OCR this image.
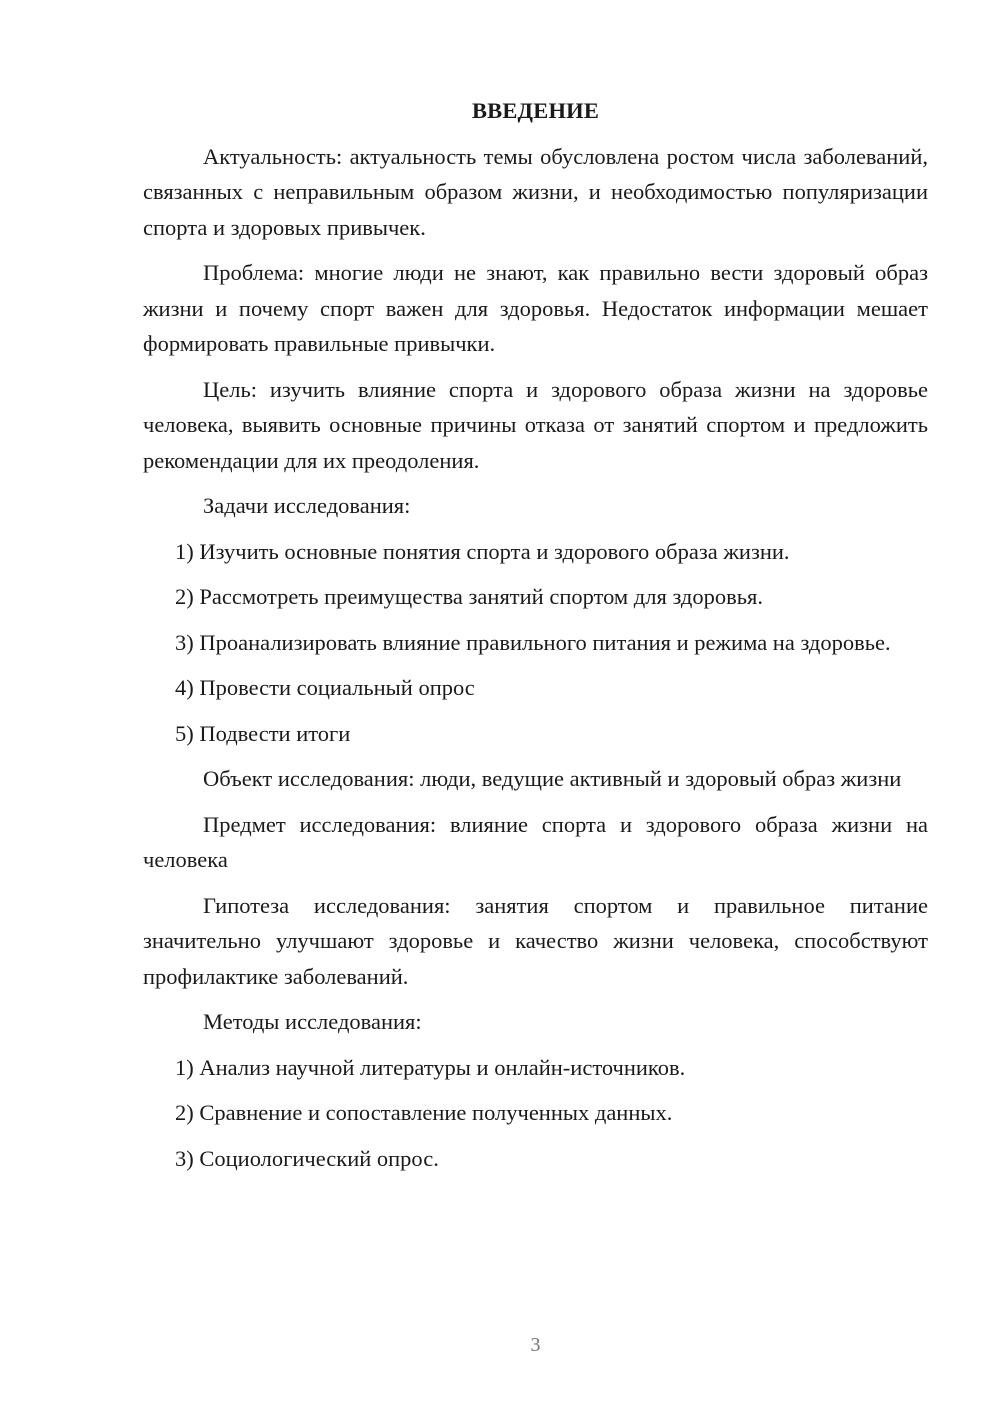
ВВЕДЕНИЕ
Актуальность: актуальность темы обусловлена ростом числа заболеваний, связанных с неправильным образом жизни, и необходимостью популяризации спорта и здоровых привычек.
Проблема: многие люди не знают, как правильно вести здоровый образ жизни и почему спорт важен для здоровья. Недостаток информации мешает формировать правильные привычки.
Цель: изучить влияние спорта и здорового образа жизни на здоровье человека, выявить основные причины отказа от занятий спортом и предложить рекомендации для их преодоления.
Задачи исследования:
1) Изучить основные понятия спорта и здорового образа жизни.
2) Рассмотреть преимущества занятий спортом для здоровья.
3) Проанализировать влияние правильного питания и режима на здоровье.
4) Провести социальный опрос
5) Подвести итоги
Объект исследования: люди, ведущие активный и здоровый образ жизни
Предмет исследования: влияние спорта и здорового образа жизни на человека
Гипотеза исследования: занятия спортом и правильное питание значительно улучшают здоровье и качество жизни человека, способствуют профилактике заболеваний.
Методы исследования:
1) Анализ научной литературы и онлайн-источников.
2) Сравнение и сопоставление полученных данных.
3) Социологический опрос.
3
